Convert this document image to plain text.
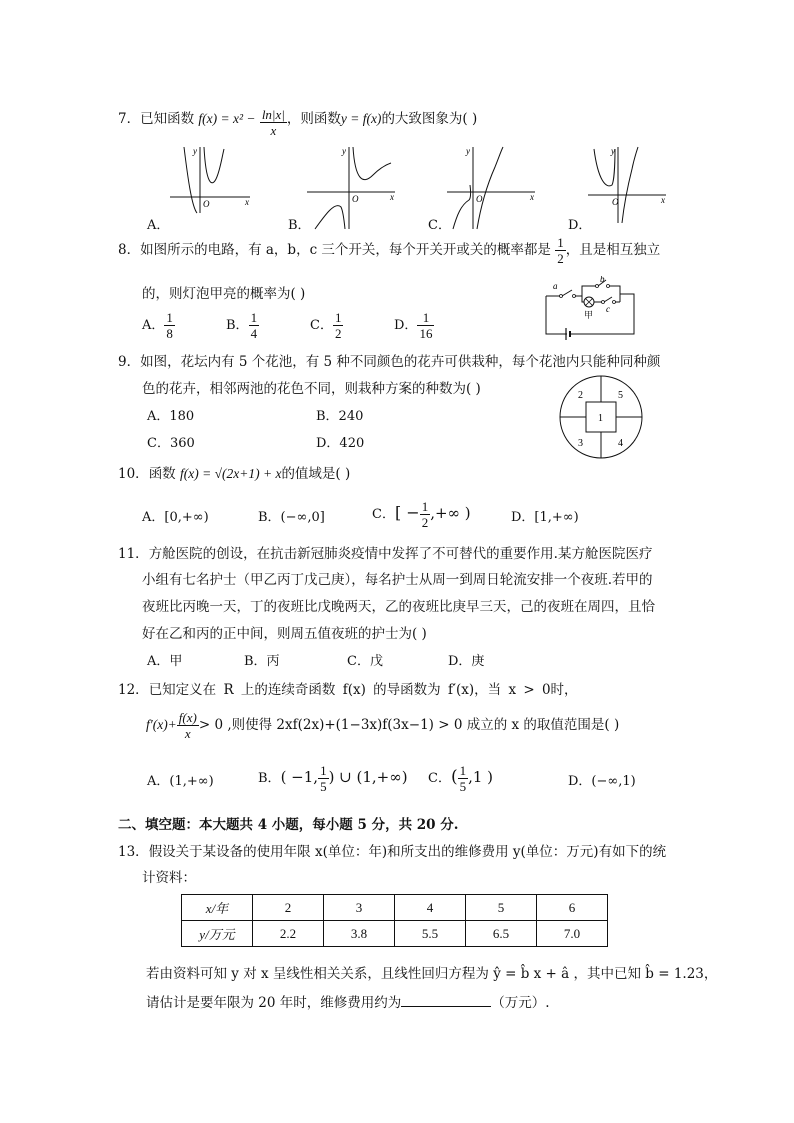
7．已知函数 $f(x) = x^2 - \frac{\ln|x|}{x}$ ，则函数y = f(x)的大致图象为( )
A．
x
y
O
B．
x
y
O
C．
x
y
O
D．
x
y
O
8．如图所示的电路，有 a，b，c 三个开关，每个开关开或关的概率都是 $\frac{1}{2}$ ，且是相互独立
的，则灯泡甲亮的概率为( )
A． $\frac{1}{8}$	B． $\frac{1}{4}$	C． $\frac{1}{2}$	D． $\frac{1}{16}$
a
b
甲
c
9．如图，花坛内有 5 个花池，有 5 种不同颜色的花卉可供栽种，每个花池内只能种同种颜
色的花卉，相邻两池的花色不同，则栽种方案的种数为( )
A．180	B．240
C．360	D．420
1
2
3	4
5
10．函数 f(x) = √(2x+1) + x的值域是( )
A．[0,+∞)	B．(−∞,0]	C．[ − $\frac{1}{2}$ ,+∞ )	D．[1,+∞)
11．方舱医院的创设，在抗击新冠肺炎疫情中发挥了不可替代的重要作用.某方舱医院医疗
小组有七名护士（甲乙丙丁戊己庚），每名护士从周一到周日轮流安排一个夜班.若甲的
夜班比丙晚一天，丁的夜班比戊晚两天，乙的夜班比庚早三天，己的夜班在周四，且恰
好在乙和丙的正中间，则周五值夜班的护士为( )
A．甲	B．丙	C．戊	D．庚
12．已知定义在 R 上的连续奇函数 f(x) 的导函数为 f′(x)，当 x > 0时，
$f'(x)+ \frac{f(x)}{x} > 0$ ,则使得 2xf(2x)+(1−3x)f(3x−1) > 0 成立的 x 的取值范围是( )
A．(1,+∞)	B．( −1, $\frac{1}{5}$ ) ∪ (1,+∞) C．( $\frac{1}{5} ,1$ )	D．(−∞,1)
二、填空题：本大题共 4 小题，每小题 5 分，共 20 分.
13．假设关于某设备的使用年限 x(单位：年)和所支出的维修费用 y(单位：万元)有如下的统
计资料：
x/年	2	3	4	5	6
y/万元	2.2	3.8	5.5	6.5	7.0
若由资料可知 y 对 x 呈线性相关关系，且线性回归方程为 ŷ = b̂ x + â ，其中已知 b̂ = 1.23，
请估计是要年限为 20 年时，维修费用约为	（万元）.
